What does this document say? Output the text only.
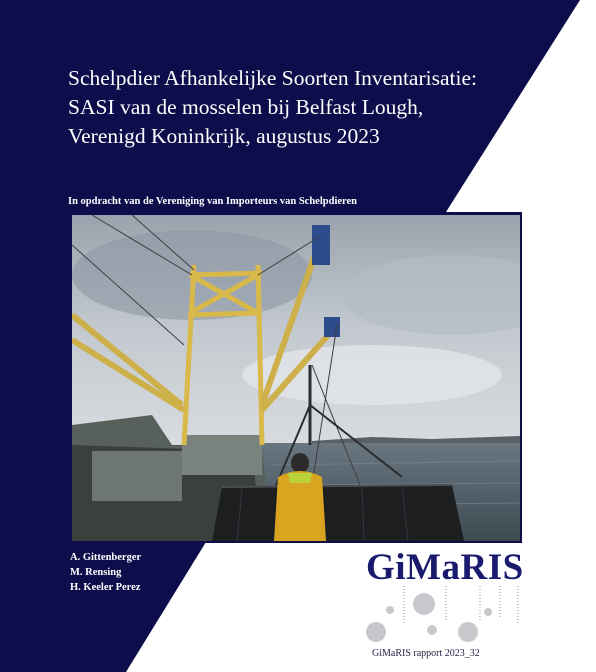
Schelpdier Afhankelijke Soorten Inventarisatie:
SASI van de mosselen bij Belfast Lough,
Verenigd Koninkrijk, augustus 2023
In opdracht van de Vereniging van Importeurs van Schelpdieren
A. Gittenberger
M. Rensing
H. Keeler Perez	GiMaRIS
GiMaRIS rapport 2023_32
